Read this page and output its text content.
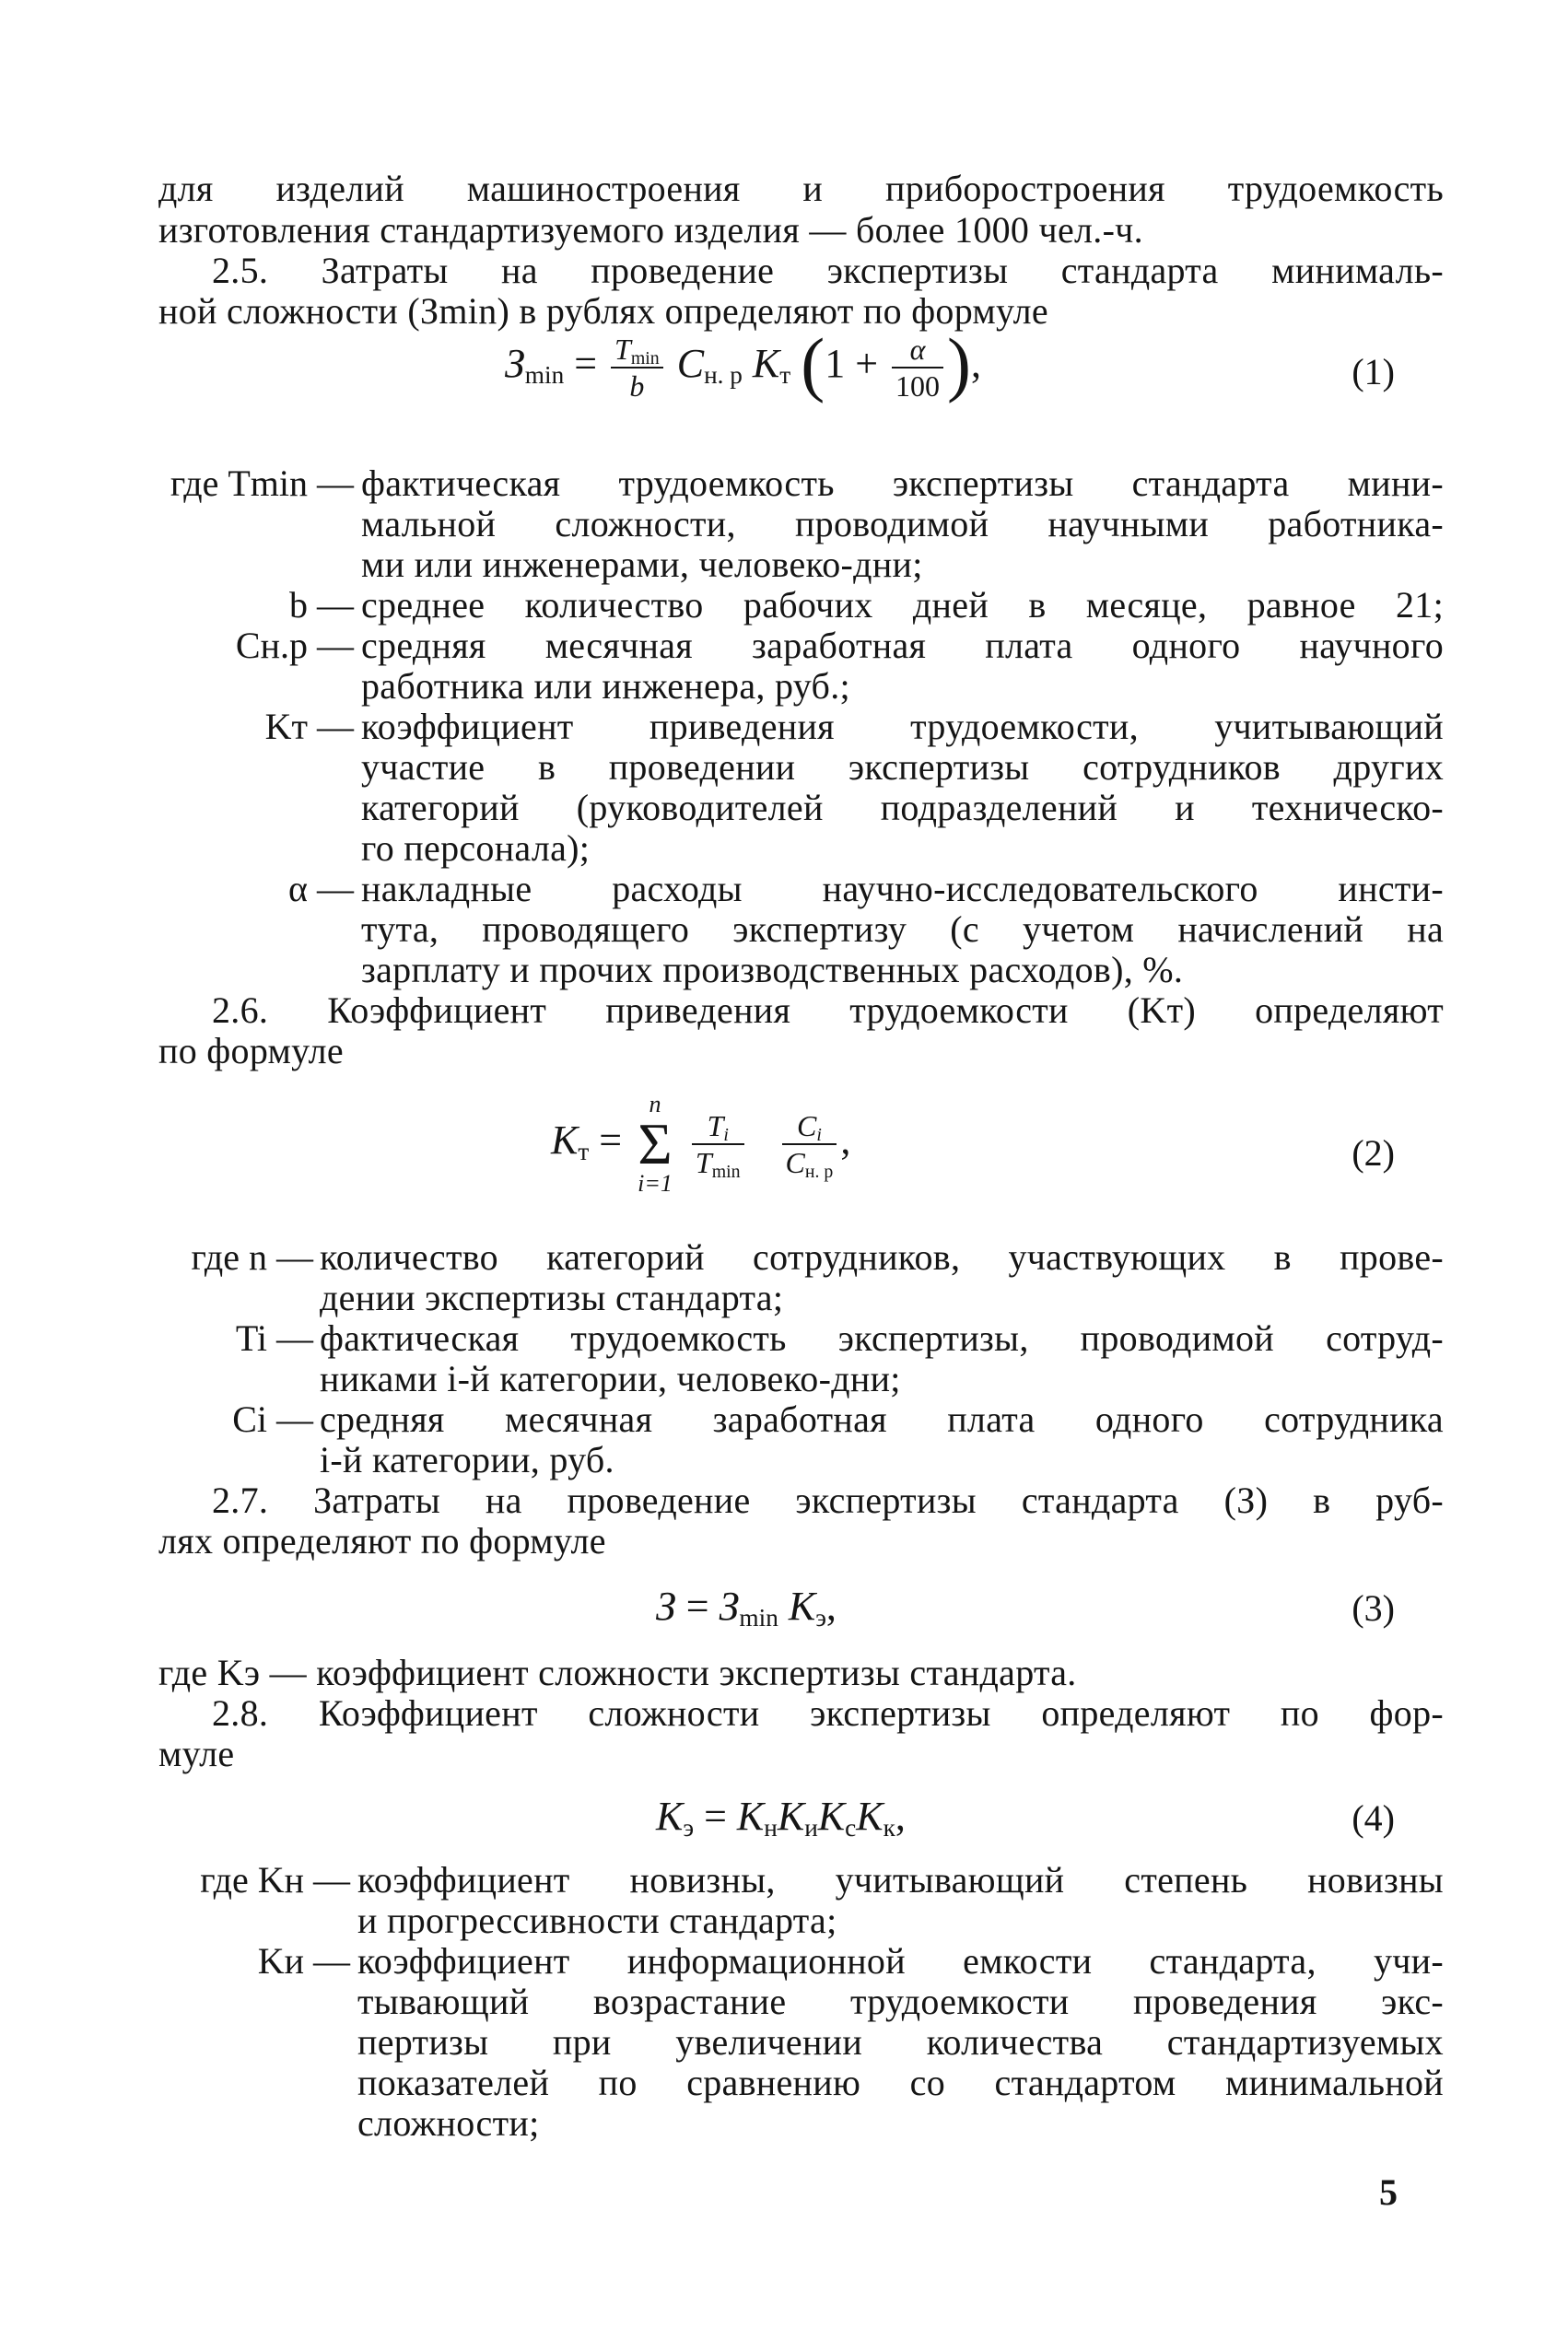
для изделий машиностроения и приборостроения трудоемкость
изготовления стандартизуемого изделия — более 1000 чел.-ч.
2.5. Затраты на проведение экспертизы стандарта минималь-
ной сложности (Зmin) в рублях определяют по формуле
$З_{min} = \frac{T_{min}}{b} C_{н. р}$ $K_т$ ($1 + \frac{\alpha}{100}$ ),	(1)
где Tmin — фактическая трудоемкость экспертизы стандарта мини-
мальной сложности, проводимой научными работника-
ми или инженерами, человеко-дни;
b — среднее количество рабочих дней в месяце, равное 21;
Cн.р — средняя месячная заработная плата одного научного
работника или инженера, руб.;
Kт — коэффициент приведения трудоемкости, учитывающий
участие в проведении экспертизы сотрудников других
категорий (руководителей подразделений и техническо-
го персонала);
α — накладные расходы научно-исследовательского инсти-
тута, проводящего экспертизу (с учетом начислений на
зарплату и прочих производственных расходов), %.
2.6. Коэффициент приведения трудоемкости (Kт) определяют
по формуле
$K_т$ =
n
Σ
i=1

$\frac{T_i}{T_{min}}$
$\frac{C_i}{C_{н. р}}$ ,	(2)
где n — количество категорий сотрудников, участвующих в прове-
дении экспертизы стандарта;
Ti — фактическая трудоемкость экспертизы, проводимой сотруд-
никами i-й категории, человеко-дни;
Ci — средняя месячная заработная плата одного сотрудника
i-й категории, руб.
2.7. Затраты на проведение экспертизы стандарта (З) в руб-
лях определяют по формуле
$З = З_{min}$ $K_э$,	(3)
где Kэ — коэффициент сложности экспертизы стандарта.
2.8. Коэффициент сложности экспертизы определяют по фор-
муле
$K_э = K_нK_иK_сK_к$,	(4)
где Kн — коэффициент новизны, учитывающий степень новизны
и прогрессивности стандарта;
Kи — коэффициент информационной емкости стандарта, учи-
тывающий возрастание трудоемкости проведения экс-
пертизы при увеличении количества стандартизуемых
показателей по сравнению со стандартом минимальной
сложности;
5
